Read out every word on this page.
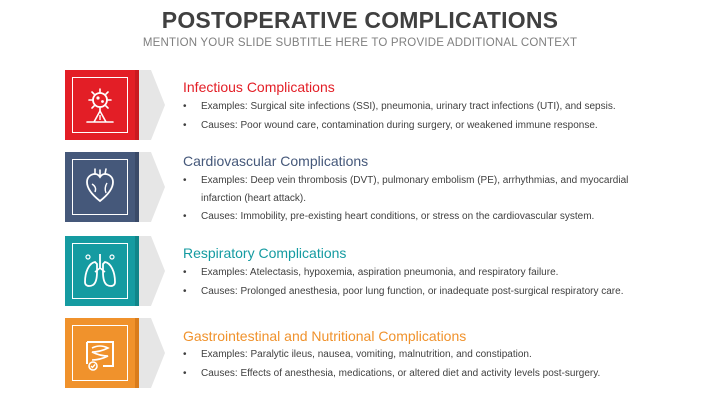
POSTOPERATIVE COMPLICATIONS
MENTION YOUR SLIDE SUBTITLE HERE TO PROVIDE ADDITIONAL CONTEXT
Infectious Complications
•	Examples: Surgical site infections (SSI), pneumonia, urinary tract infections (UTI), and sepsis.
•	Causes: Poor wound care, contamination during surgery, or weakened immune response.
Cardiovascular Complications
•	Examples: Deep vein thrombosis (DVT), pulmonary embolism (PE), arrhythmias, and myocardial infarction (heart attack).
•	Causes: Immobility, pre-existing heart conditions, or stress on the cardiovascular system.
Respiratory Complications
•	Examples: Atelectasis, hypoxemia, aspiration pneumonia, and respiratory failure.
•	Causes: Prolonged anesthesia, poor lung function, or inadequate post-surgical respiratory care.
Gastrointestinal and Nutritional Complications
•	Examples: Paralytic ileus, nausea, vomiting, malnutrition, and constipation.
•	Causes: Effects of anesthesia, medications, or altered diet and activity levels post-surgery.
